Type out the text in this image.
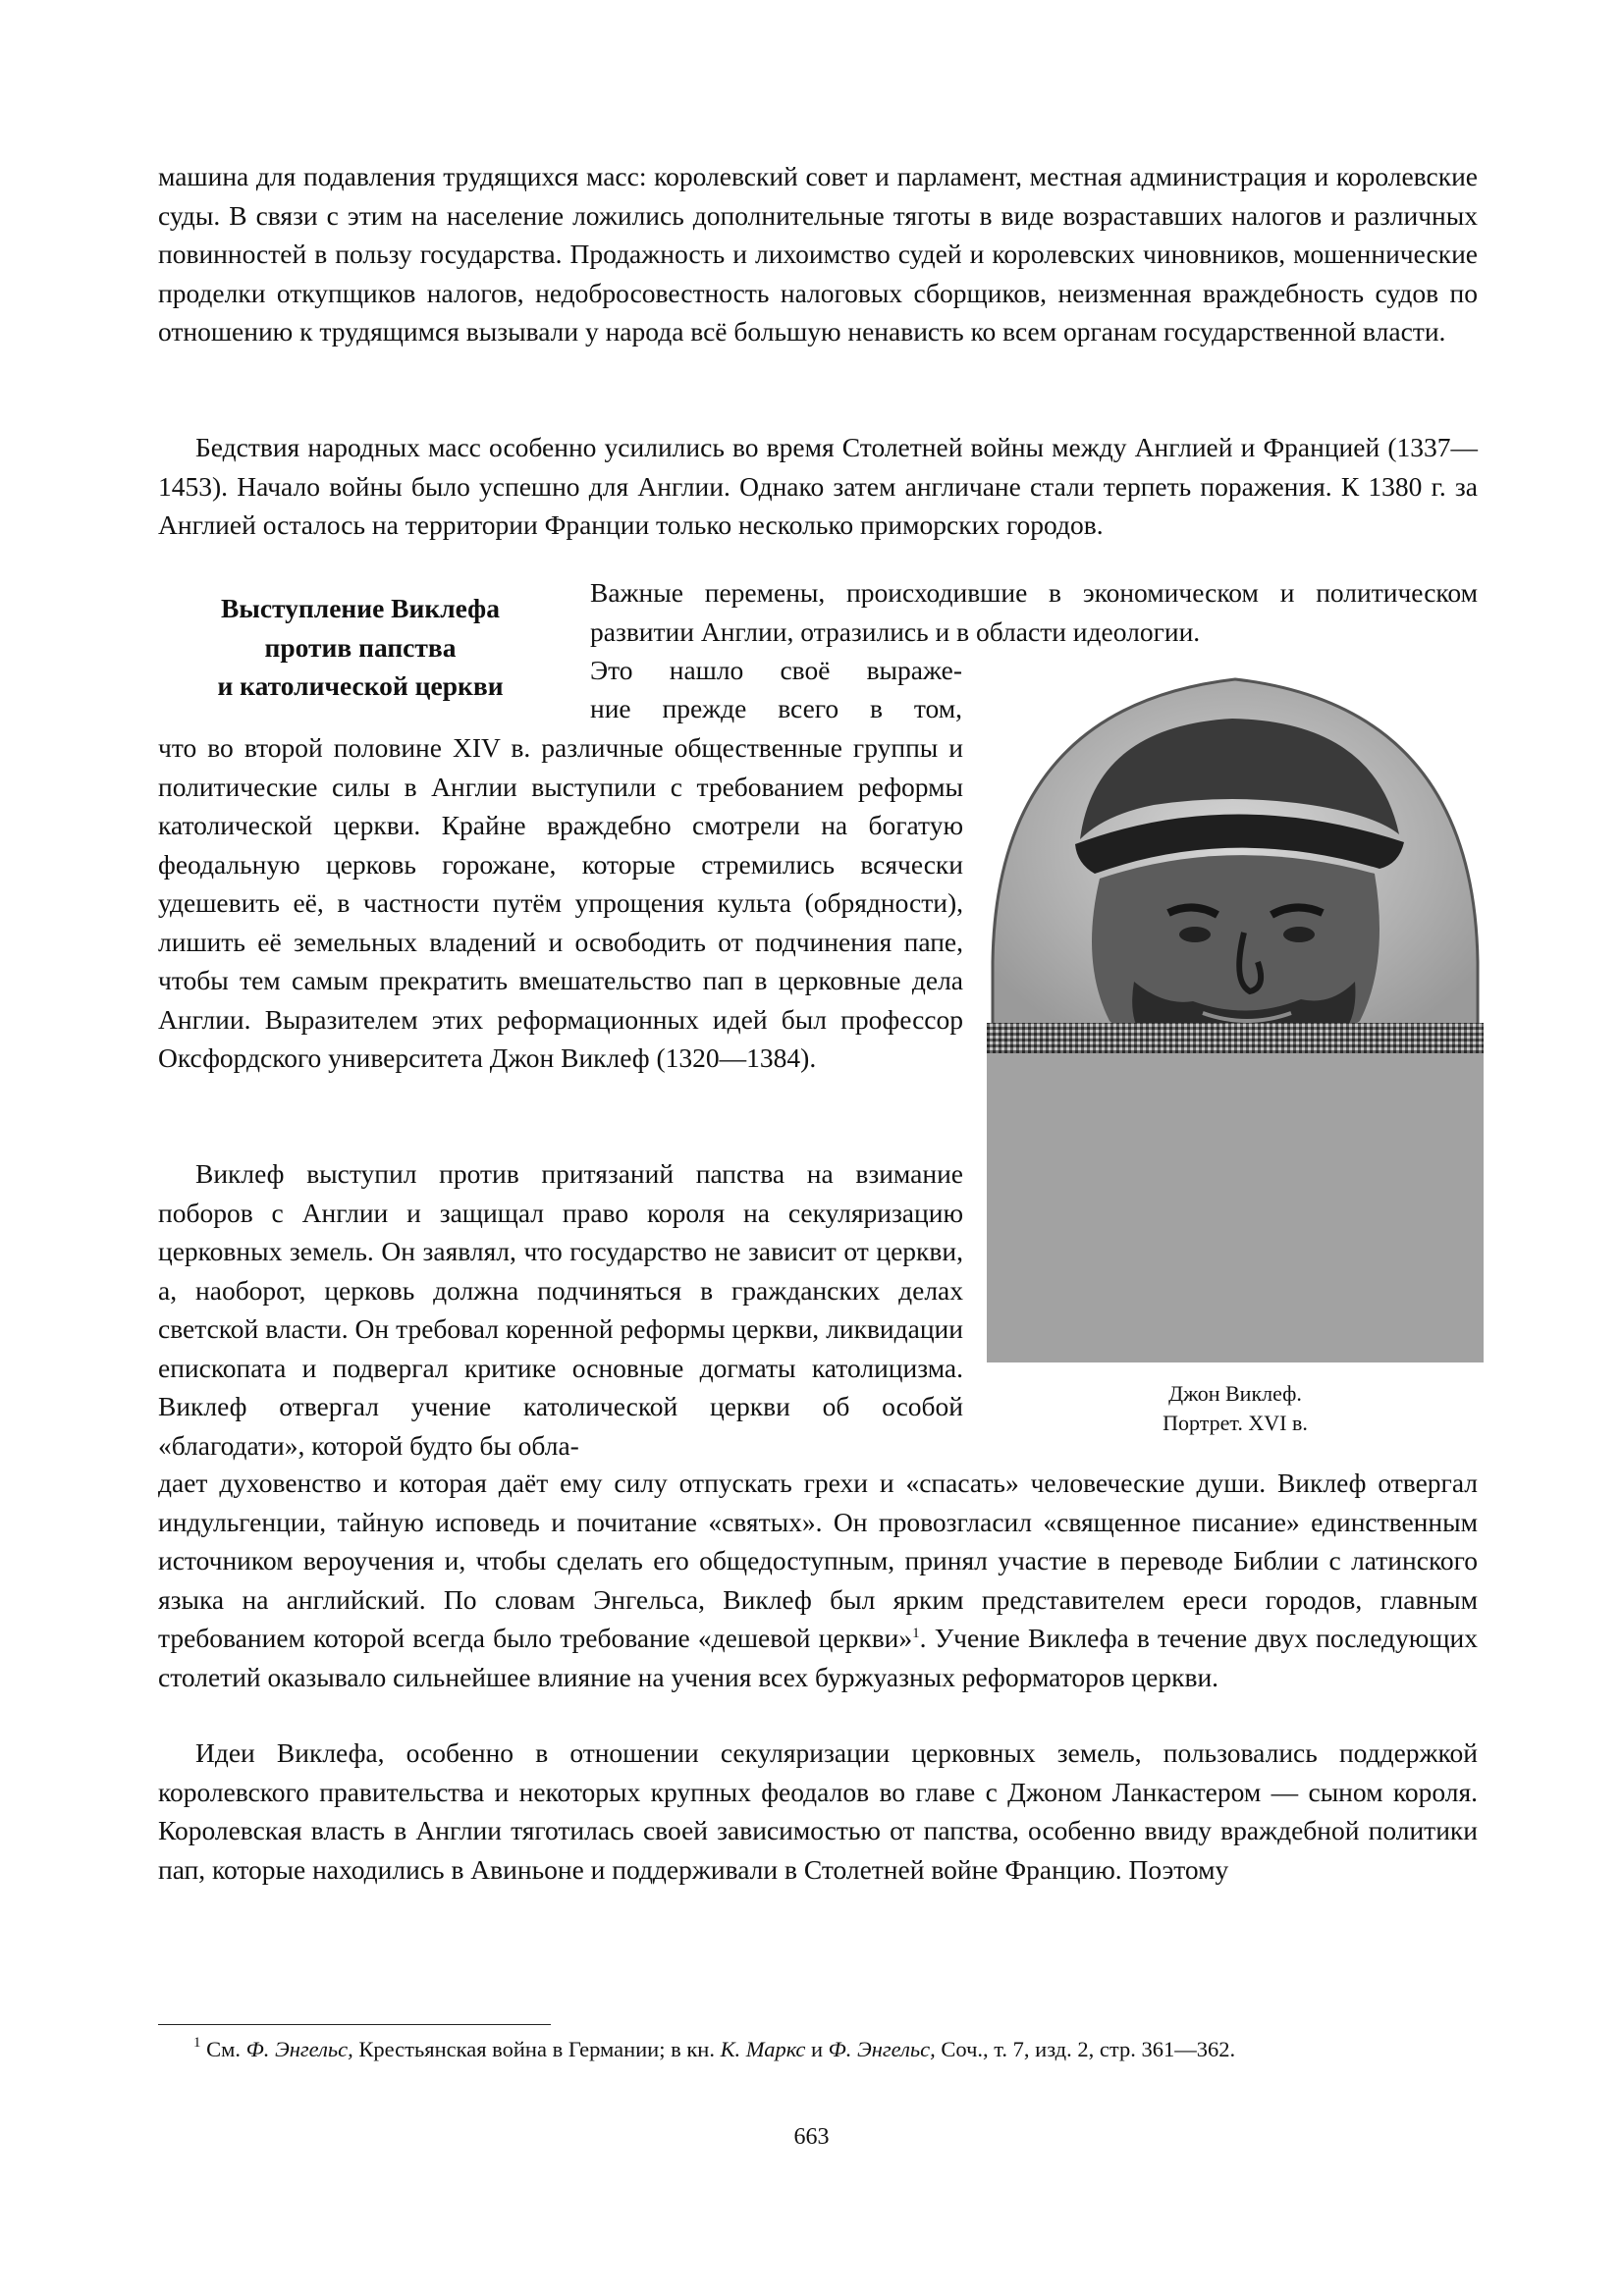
машина для подавления трудящихся масс: королевский совет и парламент, местная администрация и королевские суды. В связи с этим на население ложились дополнительные тяготы в виде возраставших налогов и различных повинностей в пользу государства. Продажность и лихоимство судей и королевских чиновников, мошеннические проделки откупщиков налогов, недобросовестность налоговых сборщиков, неизменная враждебность судов по отношению к трудящимся вызывали у народа всё большую ненависть ко всем органам государственной власти.

Бедствия народных масс особенно усилились во время Столетней войны между Англией и Францией (1337—1453). Начало войны было успешно для Англии. Однако затем англичане стали терпеть поражения. К 1380 г. за Англией осталось на территории Франции только несколько приморских городов.

Выступление Виклефа

против папства

и католической церкви

Важные перемены, происходившие в экономическом и политическом развитии Англии, отразились и в области идеологии.

Это нашло своё выраже-

ние прежде всего в том,

что во второй половине XIV в. различные общественные группы и политические силы в Англии выступили с требованием реформы католической церкви. Крайне враждебно смотрели на богатую феодальную церковь горожане, которые стремились всячески удешевить её, в частности путём упрощения культа (обрядности), лишить её земельных владений и освободить от подчинения папе, чтобы тем самым прекратить вмешательство пап в церковные дела Англии. Выразителем этих реформационных идей был профессор Оксфордского университета Джон Виклеф (1320—1384).

Виклеф выступил против притязаний папства на взимание поборов с Англии и защищал право короля на секуляризацию церковных земель. Он заявлял, что государство не зависит от церкви, а, наоборот, церковь должна подчиняться в гражданских делах светской власти. Он требовал коренной реформы церкви, ликвидации епископата и подвергал критике основные догматы католицизма. Виклеф отвергал учение католической церкви об особой «благодати», которой будто бы обла-

дает духовенство и которая даёт ему силу отпускать грехи и «спасать» человеческие души. Виклеф отвергал индульгенции, тайную исповедь и почитание «святых». Он провозгласил «священное писание» единственным источником вероучения и, чтобы сделать его общедоступным, принял участие в переводе Библии с латинского языка на английский. По словам Энгельса, Виклеф был ярким представителем ереси городов, главным требованием которой всегда было требование «дешевой церкви»$^1$. Учение Виклефа в течение двух последующих столетий оказывало сильнейшее влияние на учения всех буржуазных реформаторов церкви.

Идеи Виклефа, особенно в отношении секуляризации церковных земель, пользовались поддержкой королевского правительства и некоторых крупных феодалов во главе с Джоном Ланкастером — сыном короля. Королевская власть в Англии тяготилась своей зависимостью от папства, особенно ввиду враждебной политики пап, которые находились в Авиньоне и поддерживали в Столетней войне Францию. Поэтому

Джон Виклеф.

Портрет. XVI в.

$^1$ См. Ф. Энгельс, Крестьянская война в Германии; в кн. К. Маркс и Ф. Энгельс, Соч., т. 7, изд. 2, стр. 361—362.

663
